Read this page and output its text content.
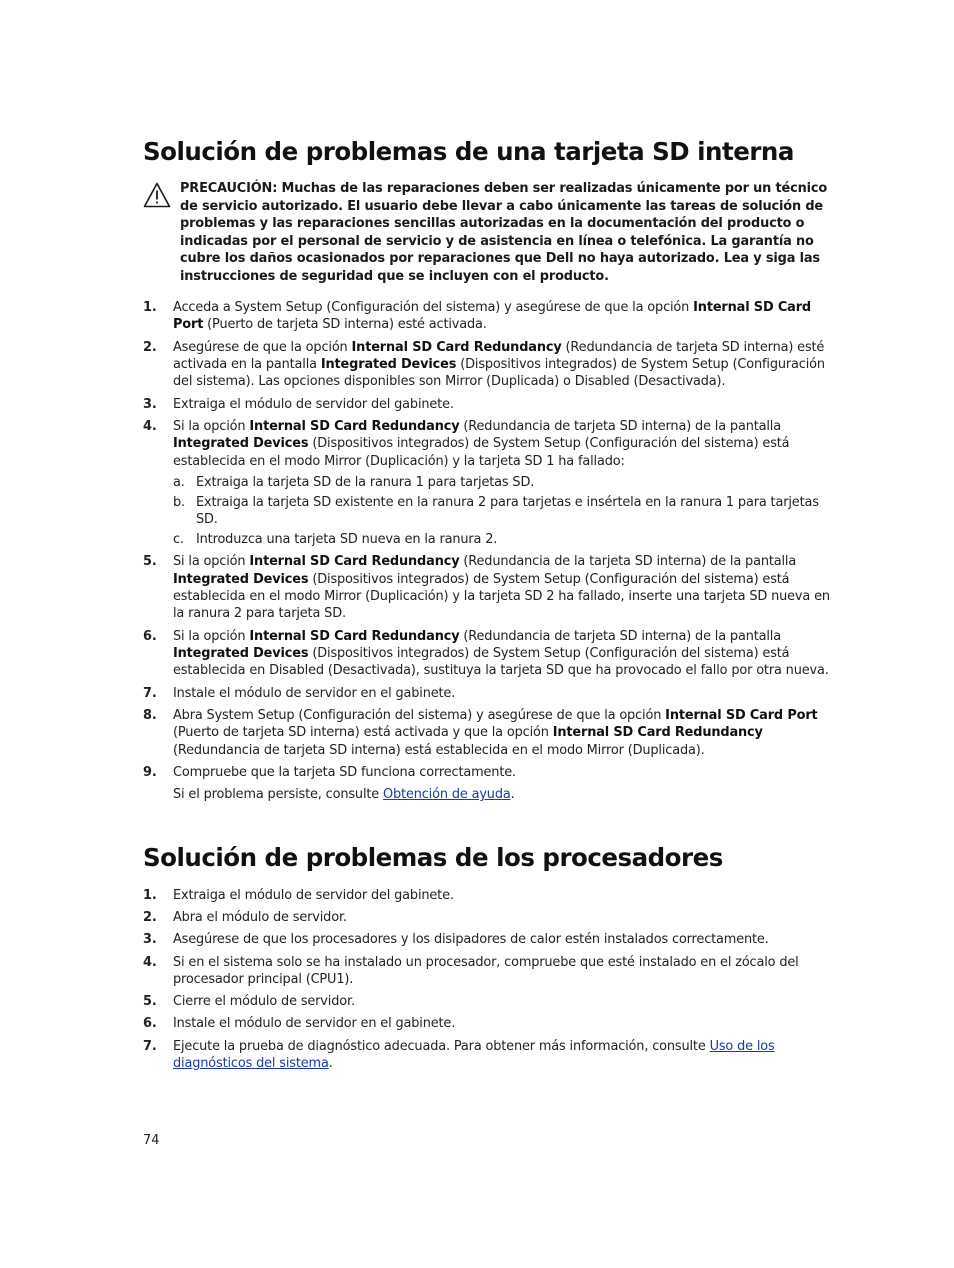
Solución de problemas de una tarjeta SD interna
PRECAUCIÓN: Muchas de las reparaciones deben ser realizadas únicamente por un técnico de servicio autorizado. El usuario debe llevar a cabo únicamente las tareas de solución de problemas y las reparaciones sencillas autorizadas en la documentación del producto o indicadas por el personal de servicio y de asistencia en línea o telefónica. La garantía no cubre los daños ocasionados por reparaciones que Dell no haya autorizado. Lea y siga las instrucciones de seguridad que se incluyen con el producto.
1. Acceda a System Setup (Configuración del sistema) y asegúrese de que la opción Internal SD Card Port (Puerto de tarjeta SD interna) esté activada.
2. Asegúrese de que la opción Internal SD Card Redundancy (Redundancia de tarjeta SD interna) esté activada en la pantalla Integrated Devices (Dispositivos integrados) de System Setup (Configuración del sistema). Las opciones disponibles son Mirror (Duplicada) o Disabled (Desactivada).
3. Extraiga el módulo de servidor del gabinete.
4. Si la opción Internal SD Card Redundancy (Redundancia de tarjeta SD interna) de la pantalla Integrated Devices (Dispositivos integrados) de System Setup (Configuración del sistema) está establecida en el modo Mirror (Duplicación) y la tarjeta SD 1 ha fallado:
a. Extraiga la tarjeta SD de la ranura 1 para tarjetas SD.
b. Extraiga la tarjeta SD existente en la ranura 2 para tarjetas e insértela en la ranura 1 para tarjetas SD.
c. Introduzca una tarjeta SD nueva en la ranura 2.
5. Si la opción Internal SD Card Redundancy (Redundancia de la tarjeta SD interna) de la pantalla Integrated Devices (Dispositivos integrados) de System Setup (Configuración del sistema) está establecida en el modo Mirror (Duplicación) y la tarjeta SD 2 ha fallado, inserte una tarjeta SD nueva en la ranura 2 para tarjeta SD.
6. Si la opción Internal SD Card Redundancy (Redundancia de tarjeta SD interna) de la pantalla Integrated Devices (Dispositivos integrados) de System Setup (Configuración del sistema) está establecida en Disabled (Desactivada), sustituya la tarjeta SD que ha provocado el fallo por otra nueva.
7. Instale el módulo de servidor en el gabinete.
8. Abra System Setup (Configuración del sistema) y asegúrese de que la opción Internal SD Card Port (Puerto de tarjeta SD interna) está activada y que la opción Internal SD Card Redundancy (Redundancia de tarjeta SD interna) está establecida en el modo Mirror (Duplicada).
9. Compruebe que la tarjeta SD funciona correctamente.
Si el problema persiste, consulte Obtención de ayuda.
Solución de problemas de los procesadores
1. Extraiga el módulo de servidor del gabinete.
2. Abra el módulo de servidor.
3. Asegúrese de que los procesadores y los disipadores de calor estén instalados correctamente.
4. Si en el sistema solo se ha instalado un procesador, compruebe que esté instalado en el zócalo del procesador principal (CPU1).
5. Cierre el módulo de servidor.
6. Instale el módulo de servidor en el gabinete.
7. Ejecute la prueba de diagnóstico adecuada. Para obtener más información, consulte Uso de los diagnósticos del sistema.
74
